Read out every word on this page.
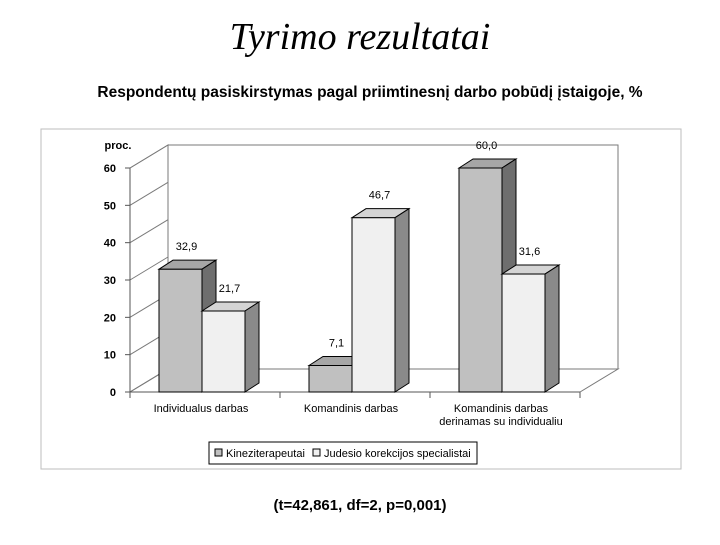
Tyrimo rezultatai
Respondentų pasiskirstymas pagal priimtinesnį darbo pobūdį įstaigoje, %
0
10
20
30
40
50
60
proc.
32,9
21,7
Individualus darbas
7,1
46,7
Komandinis darbas
60,0
31,6
Komandinis darbas
derinamas su individualiu
Kineziterapeutai Judesio korekcijos specialistai
(t=42,861, df=2, p=0,001)
